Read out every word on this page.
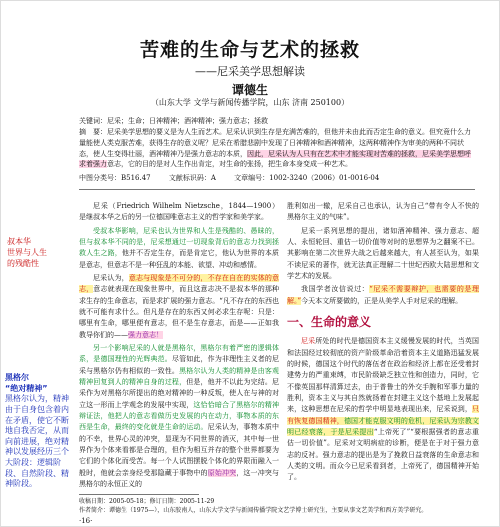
苦难的生命与艺术的拯救
——尼采美学思想解读
谭德生
（山东大学 文学与新闻传播学院，山东 济南 250100）
关键词：尼采；生命；日神精神；酒神精神；强力意志；拯救
摘　要：尼采美学思想的要义是为人生而艺术。尼采认识到生存是充满苦难的，但他并未由此而否定生命的意义。但究竟什么力量能使人类克服苦难，获得生存的意义呢？尼采在希腊悲剧中发现了日神精神和酒神精神，这两种精神作为审美的两种不同状态，使人生变得壮丽，酒神精神乃是强力意志的本质，因此，尼采认为人只有在艺术中才能实现对苦难的拯救，尼采美学思想呼求着强力意志，它的目的是对人生作出肯定，对生命的张扬，把生命本身变成一种艺术。
中图分类号：B516.47	文献标识码：A	文章编号：1002-3240（2006）01-0016-04

尼采（Friedrich Wilhelm Nietzsche，1844—1900）是继叔本华之后的另一位德国唯意志主义的哲学家和美学家。

受叔本华影响，尼采也认为世界和人生是残酷的、愚昧的，但与叔本华不同的是，尼采想通过一切现象背后的意志力找到拯救人生之路，他并不否定生存，而是肯定它，他认为世界的本质是意志，但意志不是一种狂乱的本能、欲望、冲动和感情。

尼采认为，意志与现象是不可分的，不存在自在的实体的意志，意志就表现在现象世界中，而且这意志决不是叔本华的那种求生存的生命意志，而是求扩展的强力意志。“凡不存在的东西也就不可能有求什么。但凡是存在的东西又何必求生存呢：只是：哪里有生命，哪里便有意志，但不是生存意志，而是——正如我教导你们的——强力意志！

另一个影响尼采的人就是黑格尔，黑格尔有着严密的逻辑体系，是德国理性的光辉典范。尽管如此，作为非理性主义者的尼采与黑格尔仍有相似的一致性。黑格尔认为人类的精神是由客观精神回复到人的精神自身的过程，但是，他并不以此为完结。尼采作为对黑格尔所提出的绝对精神的一种反叛，使人在与神的对立这一形而上学观念的发展中实现，这恰恰暗合了黑格尔的精神辩证法，他把人的意志看做历史发展的内在动力，事物本质的东西是生命，最终的变化就是生命的运动。尼采认为，事物本质中的不幸，世界心灵的冲突，显现为不同世界的消灭，其中每一世界作为个体来看都是合理的，但作为相互并存的整个世界都要为它们的个体化而受苦。每一个人试图摆脱个体化的界限而融入一般时，他就会亲身经受那隐藏于事物中的原始冲突，这一冲突与黑格尔的永恒正义的

胜利如出一辙，尼采自己也承认，认为自己“带有令人不快的黑格尔主义的气味”。

尼采一系列思想的提出，诸如酒神精神、强力意志、超人、永恒轮回、重估一切价值等对时的思想界为之翻案不已。其影响在第二次世界大战之后越来越大，有人甚至认为，如果不读尼采的著作，就无法真正理解二十世纪西欧大陆思想和文学艺术的发展。

我国学者汝信说过：“尼采不需要辩护，也需要的是理解。”今天本文所要做的，正是从美学人手对尼采的理解。

一、生命的意义

尼采所处的时代是德国资本主义缓慢发展的时代，当英国和法国经过较彻底的资产阶级革命沿着资本主义道路迅猛发展的时候，德国这个时代的落伍者在政治和经济上都在还受着封建势力的严重束缚，市民阶级缺乏独立性和创造力，同时，它不像英国那样清算过去，由于普鲁士的外交手腕和军事力量的胜利，资本主义与其自然就扬着在封建主义这个基地上发展起来，这种思想在尼采的哲学中明显地表现出来，尼采说到，只有恢复德国精神，德国才能克服文明的危机，尼采认为宗教文明已经衰落，于是尼采提出“上帝死了”“要根据强者的意志重估一切价值”。尼采对文明病症的诊断，便是在于对于强力意志的反衬。强力意志的提出是为了挽救日益衰落的生命意志和人类的文明。而众今已尼采看到者，上帝死了，德国精神开始了。

叔本华
世界与人生
的残酷性
黑格尔
“绝对精神”
黑格尔认为，精神由于自身包含着内在矛盾，使它不断地自我否定，从而向前进展，绝对精神以发展经历三个大阶段：逻辑阶段、自然阶段、精神阶段。
收稿日期：2005-05-18；修订日期：2005-11-29
作者简介：谭德生（1975—），山东胶南人，山东大学文学与新闻传播学院文艺学博士研究生，主要从事文艺美学和西方美学研究。
·16·
